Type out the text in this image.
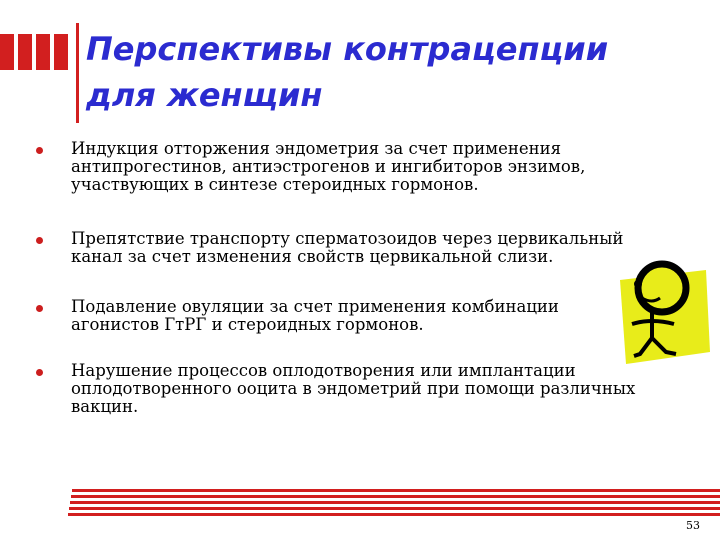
Перспективы контрацепции для женщин
Индукция отторжения эндометрия за счет применения антипрогестинов, антиэстрогенов и ингибиторов энзимов, участвующих в синтезе стероидных гормонов.
Препятствие транспорту сперматозоидов через цервикальный канал за счет изменения свойств цервикальной слизи.
Подавление овуляции за счет применения комбинации агонистов ГтРГ и стероидных гормонов.
Нарушение процессов оплодотворения или имплантации оплодотворенного ооцита в эндометрий при помощи различных вакцин.
53
